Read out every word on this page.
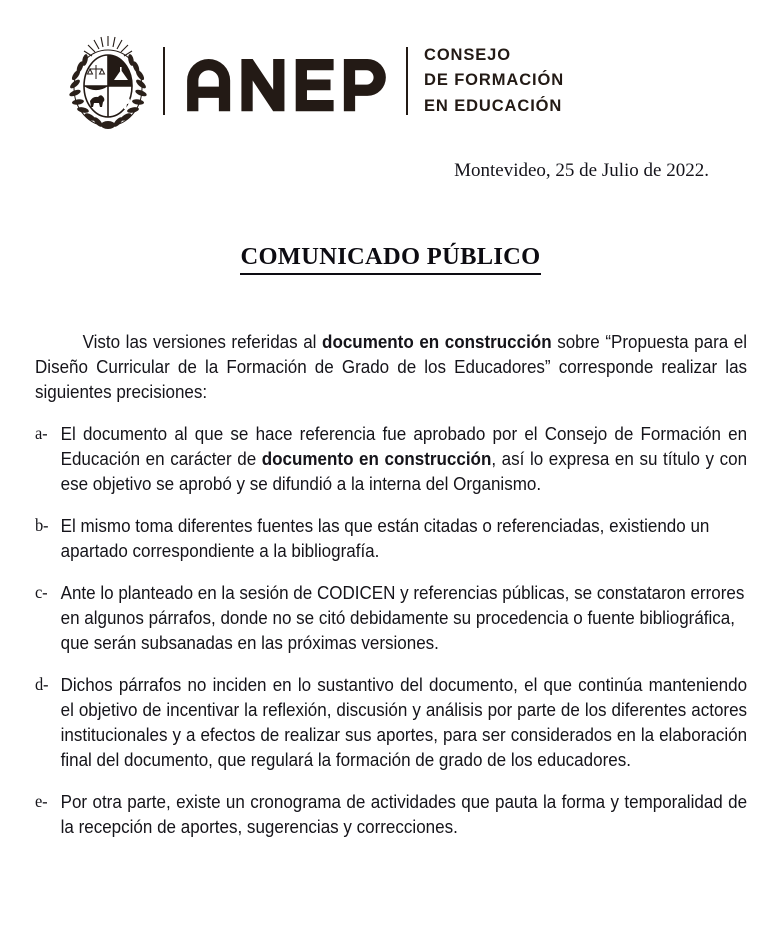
CONSEJO
DE FORMACIÓN
EN EDUCACIÓN
Montevideo, 25 de Julio de 2022.
COMUNICADO PÚBLICO

Visto las versiones referidas al documento en construcción sobre “Propuesta para el Diseño Curricular de la Formación de Grado de los Educadores” corresponde realizar las siguientes precisiones:

a- El documento al que se hace referencia fue aprobado por el Consejo de Formación en Educación en carácter de documento en construcción, así lo expresa en su título y con ese objetivo se aprobó y se difundió a la interna del Organismo.
b- El mismo toma diferentes fuentes las que están citadas o referenciadas, existiendo un apartado correspondiente a la bibliografía.
c- Ante lo planteado en la sesión de CODICEN y referencias públicas, se constataron errores en algunos párrafos, donde no se citó debidamente su procedencia o fuente bibliográfica, que serán subsanadas en las próximas versiones.
d- Dichos párrafos no inciden en lo sustantivo del documento, el que continúa manteniendo el objetivo de incentivar la reflexión, discusión y análisis por parte de los diferentes actores institucionales y a efectos de realizar sus aportes, para ser considerados en la elaboración final del documento, que regulará la formación de grado de los educadores.
e- Por otra parte, existe un cronograma de actividades que pauta la forma y temporalidad de la recepción de aportes, sugerencias y correcciones.
